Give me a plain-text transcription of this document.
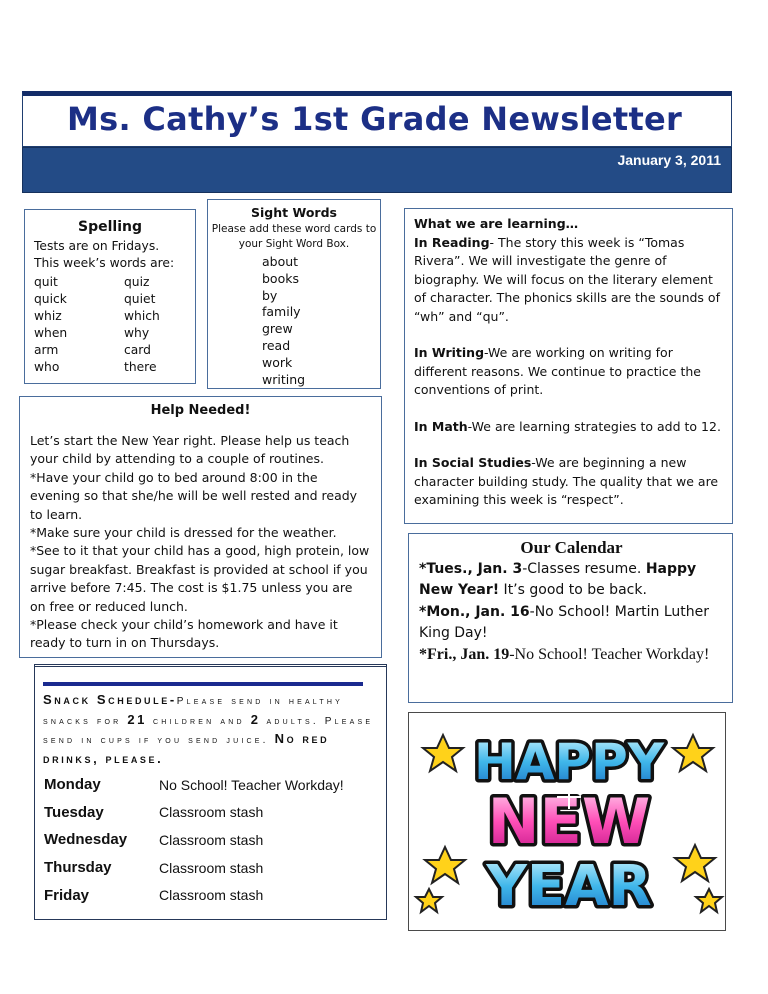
Ms. Cathy’s 1st Grade Newsletter
January 3, 2011
Spelling
Tests are on Fridays. This week’s words are:
quit	quiz
quick	quiet
whiz	which
when	why
arm	card
who	there
Sight Words
Please add these word cards to your Sight Word Box.
about
books
by
family
grew
read
work
writing

What we are learning…

In Reading- The story this week is “Tomas Rivera”. We will investigate the genre of biography. We will focus on the literary element of character. The phonics skills are the sounds of “wh” and “qu”.

In Writing-We are working on writing for different reasons. We continue to practice the conventions of print.

In Math-We are learning strategies to add to 12.

In Social Studies-We are beginning a new character building study. The quality that we are examining this week is “respect”.

Help Needed!
Let’s start the New Year right. Please help us teach your child by attending to a couple of routines.
*Have your child go to bed around 8:00 in the evening so that she/he will be well rested and ready to learn.
*Make sure your child is dressed for the weather.
*See to it that your child has a good, high protein, low sugar breakfast. Breakfast is provided at school if you arrive before 7:45. The cost is $1.75 unless you are on free or reduced lunch.
*Please check your child’s homework and have it ready to turn in on Thursdays.
Our Calendar
*Tues., Jan. 3-Classes resume. Happy New Year! It’s good to be back.
*Mon., Jan. 16-No School! Martin Luther King Day!
*Fri., Jan. 19-No School! Teacher Workday!
Snack Schedule-Please send in healthy snacks for 21 children and 2 adults. Please send in cups if you send juice. No red drinks, please.
Monday	No School! Teacher Workday!
Tuesday	Classroom stash
Wednesday	Classroom stash
Thursday	Classroom stash
Friday	Classroom stash
HAPPY
NEW
YEAR
